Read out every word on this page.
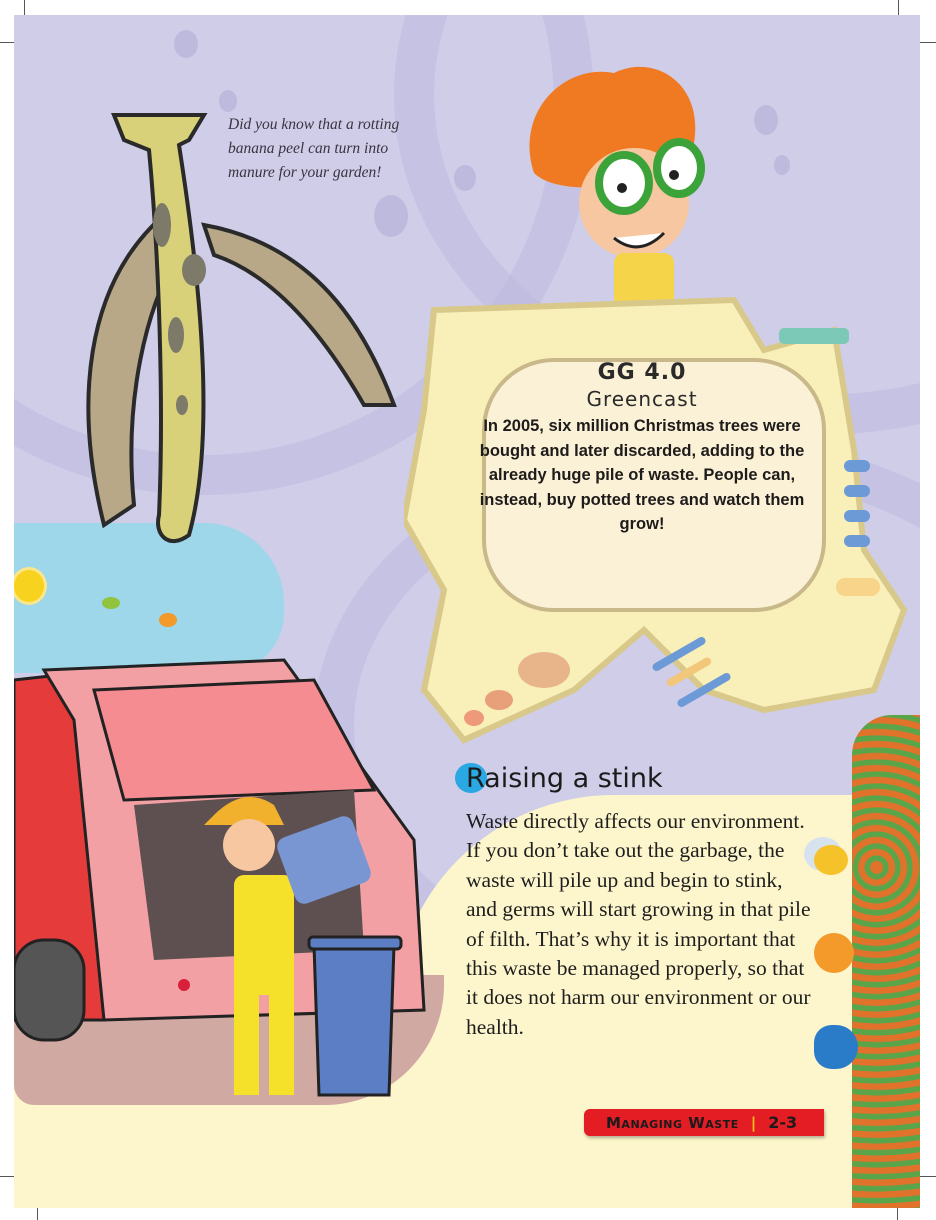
Did you know that a rotting banana peel can turn into manure for your garden!
GG 4.0
Greencast
In 2005, six million Christmas trees were bought and later discarded, adding to the already huge pile of waste. People can, instead, buy potted trees and watch them grow!
Raising a stink
Waste directly affects our environment. If you don’t take out the garbage, the waste will pile up and begin to stink, and germs will start growing in that pile of filth. That’s why it is important that this waste be managed properly, so that it does not harm our environment or our health.
Managing Waste | 2-3
